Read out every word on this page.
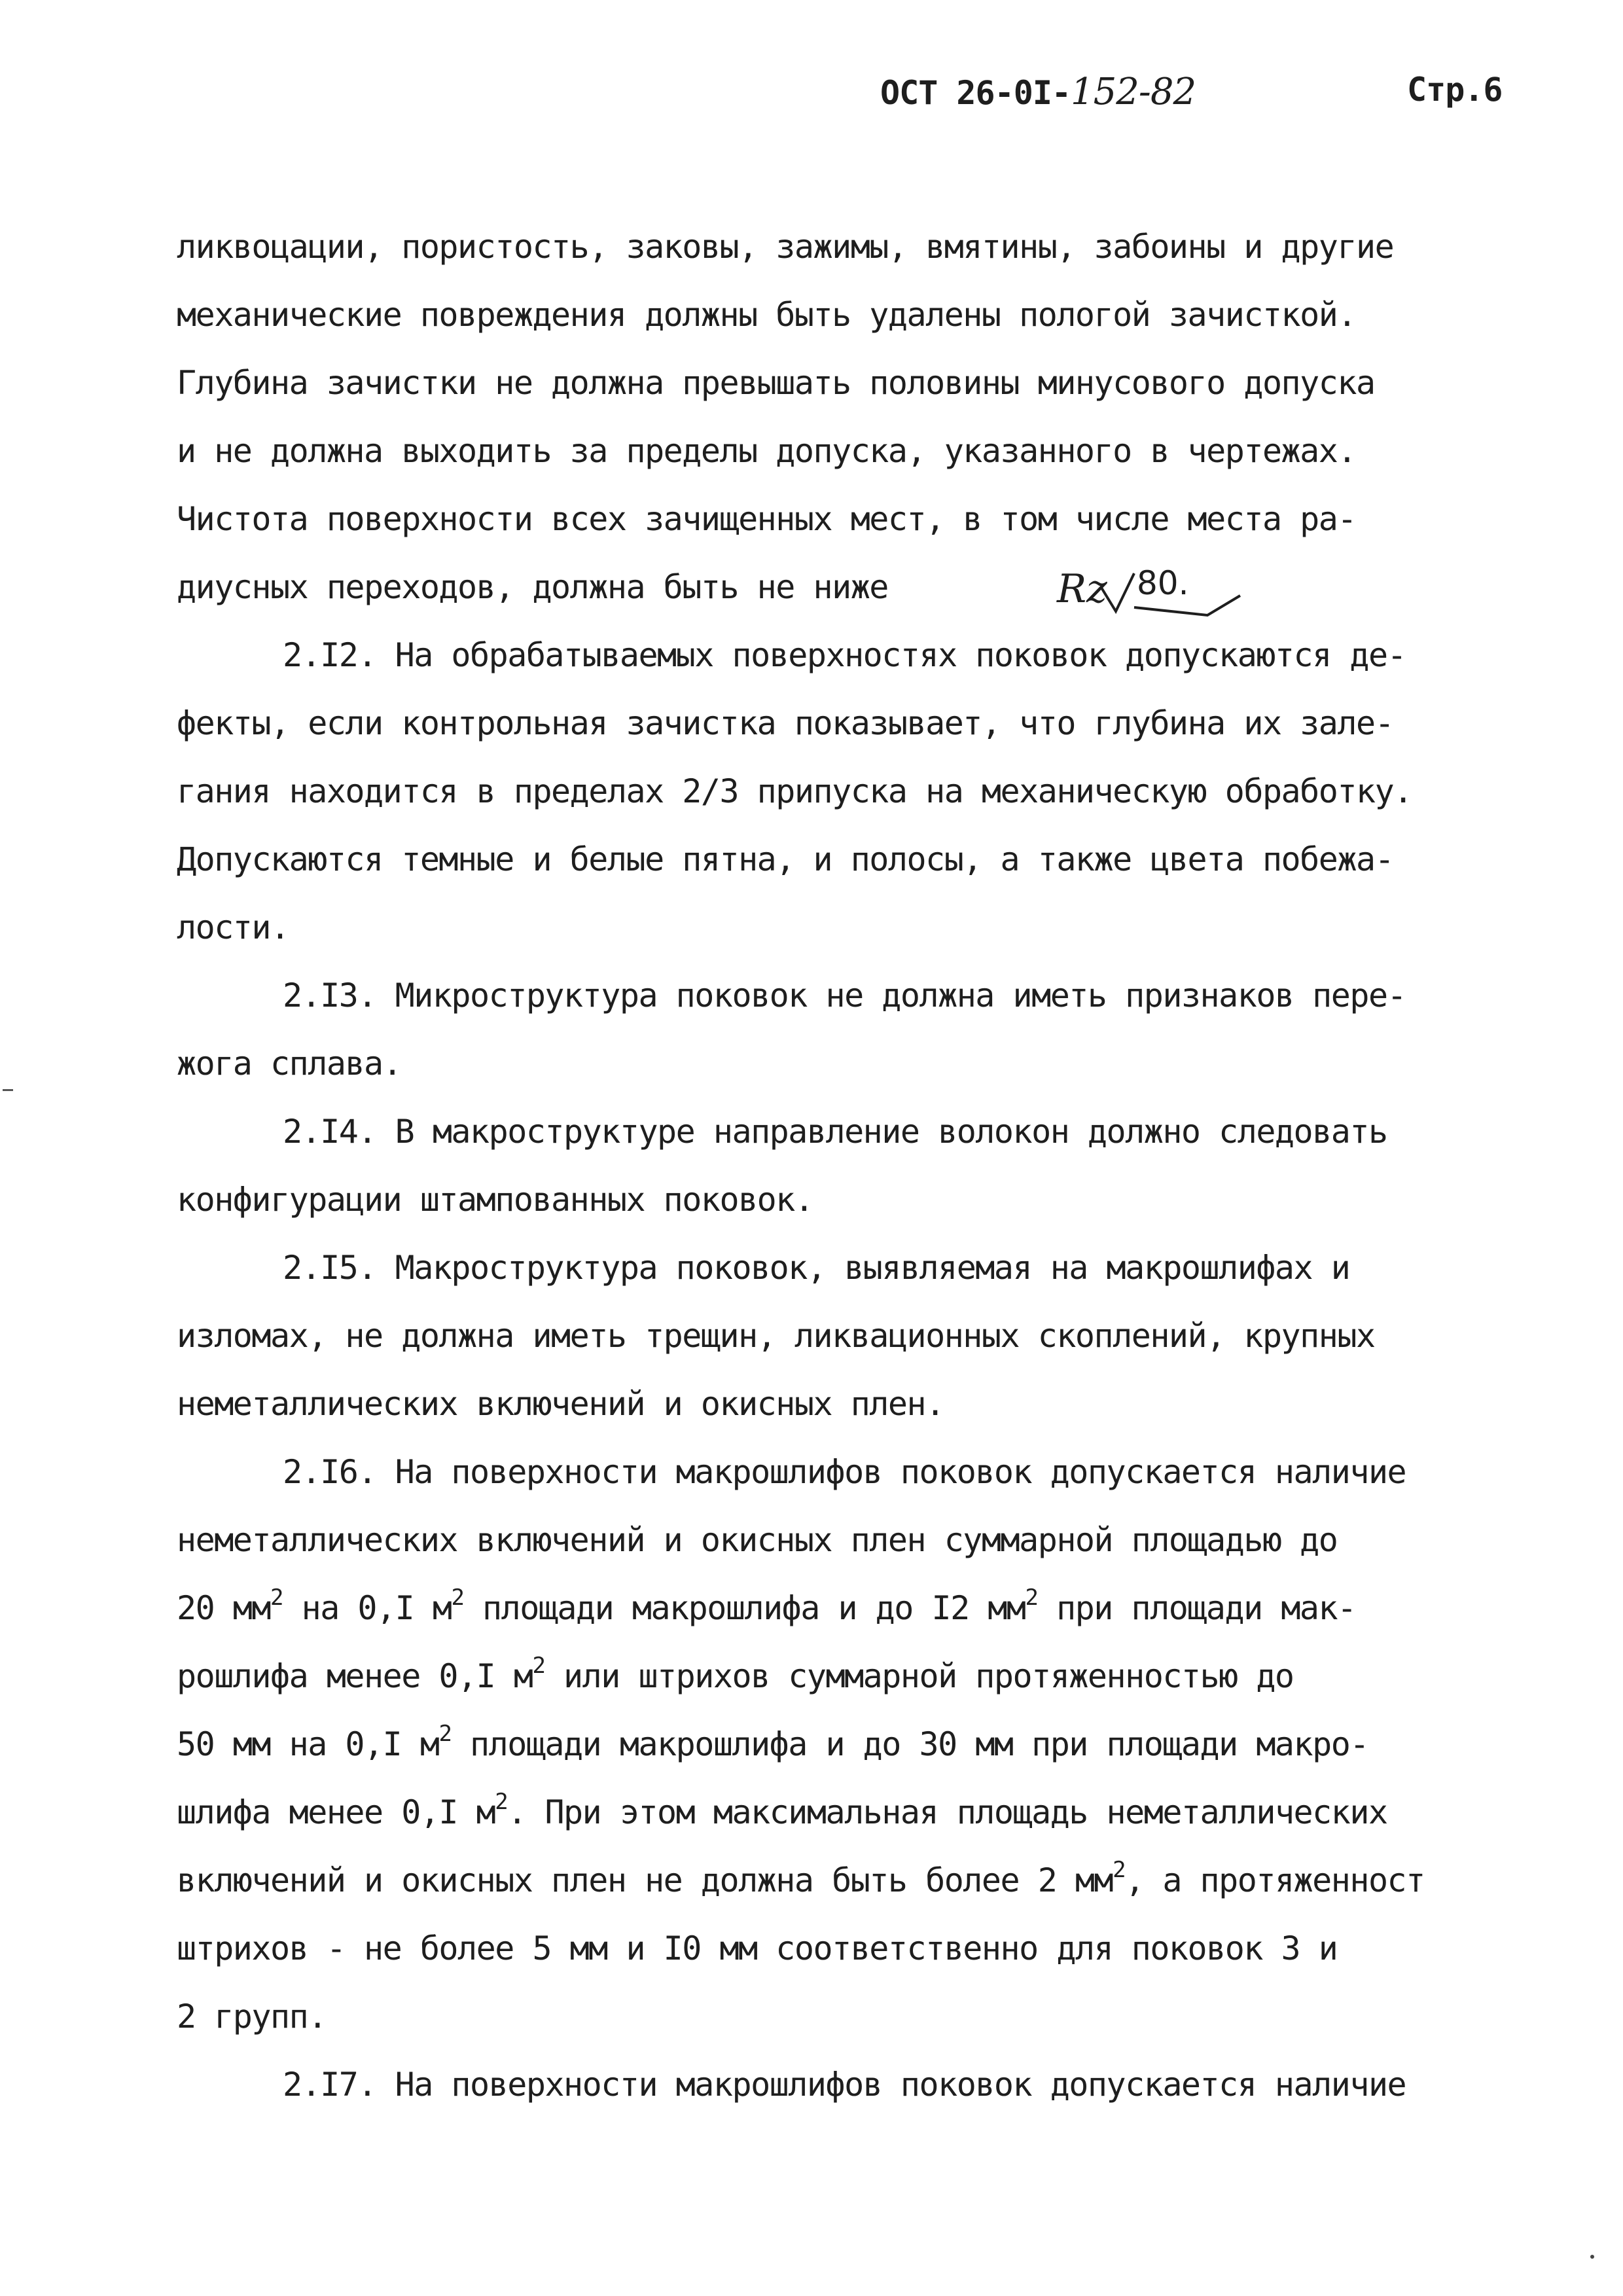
ОСТ 26-0I-152-82	Стр.6
ликвоцации, пористость, заковы, зажимы, вмятины, забоины и другие
механические повреждения должны быть удалены пологой зачисткой.
Глубина зачистки не должна превышать половины минусового допуска
и не должна выходить за пределы допуска, указанного в чертежах.
Чистота поверхности всех зачищенных мест, в том числе места ра-
диусных переходов, должна быть не ниже	Rz 80.
2.I2. На обрабатываемых поверхностях поковок допускаются де-
фекты, если контрольная зачистка показывает, что глубина их зале-
гания находится в пределах 2/3 припуска на механическую обработку.
Допускаются темные и белые пятна, и полосы, а также цвета побежа-
лости.
2.I3. Микроструктура поковок не должна иметь признаков пере-
жога сплава.
2.I4. В макроструктуре направление волокон должно следовать
конфигурации штампованных поковок.
2.I5. Макроструктура поковок, выявляемая на макрошлифах и
изломах, не должна иметь трещин, ликвационных скоплений, крупных
неметаллических включений и окисных плен.
2.I6. На поверхности макрошлифов поковок допускается наличие
неметаллических включений и окисных плен суммарной площадью до
20 $мм^2$ на 0,I $м^2$ площади макрошлифа и до I2 $мм^2$ при площади мак-
рошлифа менее 0,I $м^2$ или штрихов суммарной протяженностью до
50 мм на 0,I $м^2$ площади макрошлифа и до 30 мм при площади макро-
шлифа менее 0,I $м^2$. При этом максимальная площадь неметаллических
включений и окисных плен не должна быть более 2 $мм^2$, а протяженност
штрихов - не более 5 мм и I0 мм соответственно для поковок 3 и
2 групп.
2.I7. На поверхности макрошлифов поковок допускается наличие
